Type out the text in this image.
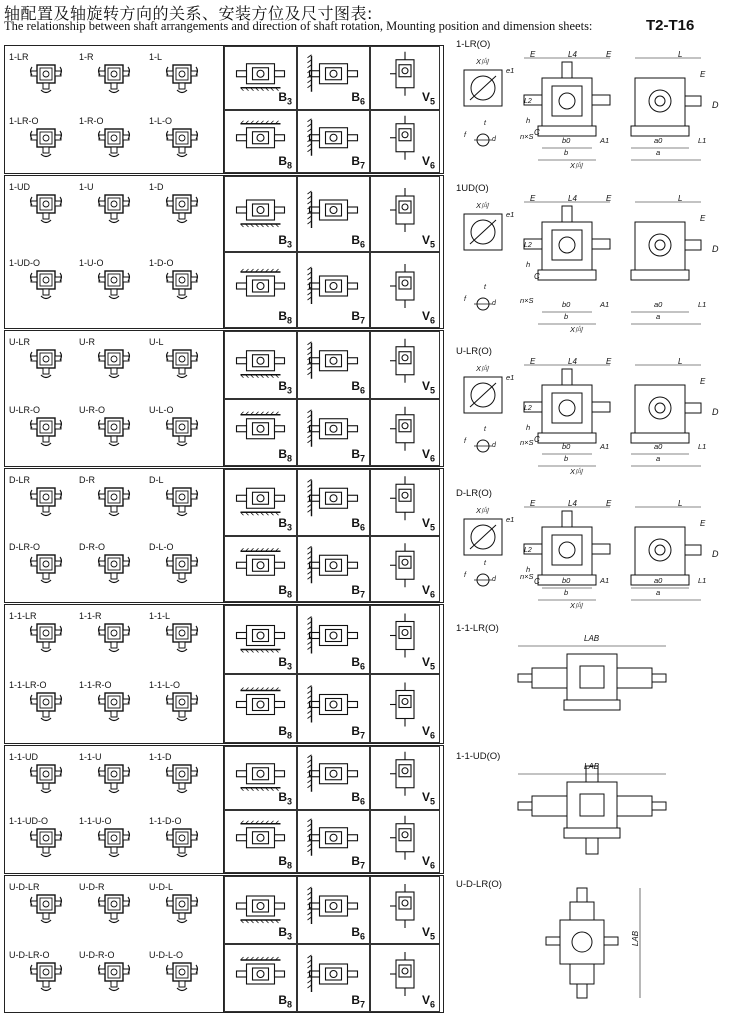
轴配置及轴旋转方向的关系、安装方位及尺寸图表:
The relationship between shaft arrangements and direction of shaft rotation, Mounting position and dimension sheets:	T2-T16
1-LR	1-R	1-L
1-LR-O	1-R-O	1-L-O
$B_3$	$B_6$	$V_5$
$B_8$	$B_7$	$V_6$
1-UD	1-U	1-D
1-UD-O	1-U-O	1-D-O
$B_3$	$B_6$	$V_5$
$B_8$	$B_7$	$V_6$
U-LR	U-R	U-L
U-LR-O	U-R-O	U-L-O
$B_3$	$B_6$	$V_5$
$B_8$	$B_7$	$V_6$
D-LR	D-R	D-L
D-LR-O	D-R-O	D-L-O
$B_3$	$B_6$	$V_5$
$B_8$	$B_7$	$V_6$
1-1-LR	1-1-R	1-1-L
1-1-LR-O	1-1-R-O	1-1-L-O
$B_3$	$B_6$	$V_5$
$B_8$	$B_7$	$V_6$
1-1-UD	1-1-U	1-1-D
1-1-UD-O	1-1-U-O	1-1-D-O
$B_3$	$B_6$	$V_5$
$B_8$	$B_7$	$V_6$
U-D-LR	U-D-R	U-D-L
U-D-LR-O	U-D-R-O	U-D-L-O
$B_3$	$B_6$	$V_5$
$B_8$	$B_7$	$V_6$
1-LR(O)
X向
e1
E	L4	E	L
E
D
L2
h
C
n×S	b0
b
A1	a0
a
L1
t
f
d
X向
1UD(O)
X向
e1
E	L4	E	L
E
D
L2
h
C
n×S	b0
b
A1	a0
a
L1
t
f
d
X向
U-LR(O)
X向
e1
E	L4	E	L
E
D
L2
h
C
n×S	b0
b
A1	a0
a
L1
t
f
d
X向
D-LR(O)
X向
e1
E	L4	E	L
E
D
L2
h
C
n×S	b0
b
A1	a0
a
L1
t
f
d
X向
1-1-LR(O)
LAB
1-1-UD(O)
LAB
U-D-LR(O)
LAB
